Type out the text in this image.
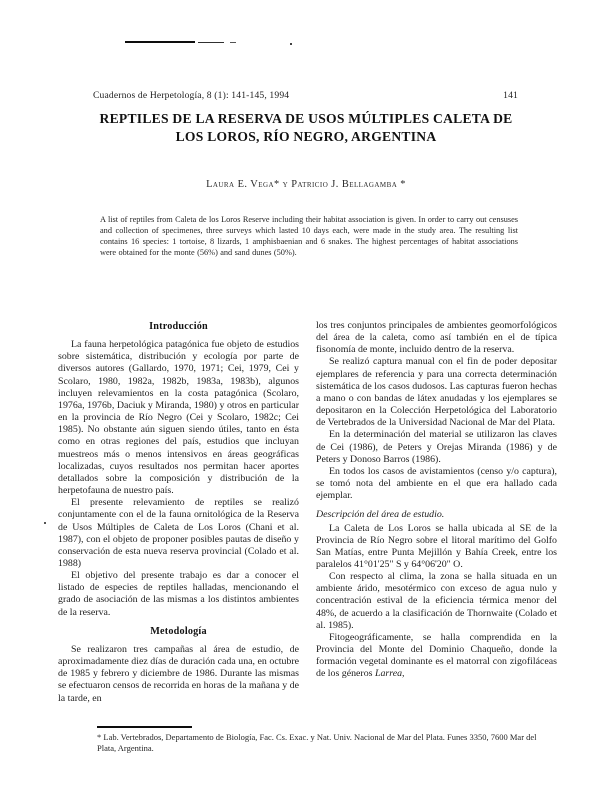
Cuadernos de Herpetología, 8 (1): 141-145, 1994	141
REPTILES DE LA RESERVA DE USOS MÚLTIPLES CALETA DE
LOS LOROS, RÍO NEGRO, ARGENTINA
Laura E. Vega* y Patricio J. Bellagamba *

A list of reptiles from Caleta de los Loros Reserve including their habitat association is given. In order to carry out censuses and collection of specimenes, three surveys which lasted 10 days each, were made in the study area. The resulting list contains 16 species: 1 tortoise, 8 lizards, 1 amphisbaenian and 6 snakes. The highest percentages of habitat associations were obtained for the monte (56%) and sand dunes (50%).

Introducción

La fauna herpetológica patagónica fue objeto de estudios sobre sistemática, distribución y ecología por parte de diversos autores (Gallardo, 1970, 1971; Cei, 1979, Cei y Scolaro, 1980, 1982a, 1982b, 1983a, 1983b), algunos incluyen relevamientos en la costa patagónica (Scolaro, 1976a, 1976b, Daciuk y Miranda, 1980) y otros en particular en la provincia de Río Negro (Cei y Scolaro, 1982c; Cei 1985). No obstante aún siguen siendo útiles, tanto en ésta como en otras regiones del país, estudios que incluyan muestreos más o menos intensivos en áreas geográficas localizadas, cuyos resultados nos permitan hacer aportes detallados sobre la composición y distribución de la herpetofauna de nuestro país.

El presente relevamiento de reptiles se realizó conjuntamente con el de la fauna ornitológica de la Reserva de Usos Múltiples de Caleta de Los Loros (Chani et al. 1987), con el objeto de proponer posibles pautas de diseño y conservación de esta nueva reserva provincial (Colado et al. 1988)

El objetivo del presente trabajo es dar a conocer el listado de especies de reptiles halladas, mencionando el grado de asociación de las mismas a los distintos ambientes de la reserva.

Metodología

Se realizaron tres campañas al área de estudio, de aproximadamente diez días de duración cada una, en octubre de 1985 y febrero y diciembre de 1986. Durante las mismas se efectuaron censos de recorrida en horas de la mañana y de la tarde, en

los tres conjuntos principales de ambientes geomorfológicos del área de la caleta, como así también en el de típica fisonomía de monte, incluido dentro de la reserva.

Se realizó captura manual con el fin de poder depositar ejemplares de referencia y para una correcta determinación sistemática de los casos dudosos. Las capturas fueron hechas a mano o con bandas de látex anudadas y los ejemplares se depositaron en la Colección Herpetológica del Laboratorio de Vertebrados de la Universidad Nacional de Mar del Plata.

En la determinación del material se utilizaron las claves de Cei (1986), de Peters y Orejas Miranda (1986) y de Peters y Donoso Barros (1986).

En todos los casos de avistamientos (censo y/o captura), se tomó nota del ambiente en el que era hallado cada ejemplar.

Descripción del área de estudio.

La Caleta de Los Loros se halla ubicada al SE de la Provincia de Río Negro sobre el litoral marítimo del Golfo San Matías, entre Punta Mejillón y Bahía Creek, entre los paralelos 41°01'25" S y 64°06'20" O.

Con respecto al clima, la zona se halla situada en un ambiente árido, mesotérmico con exceso de agua nulo y concentración estival de la eficiencia térmica menor del 48%, de acuerdo a la clasificación de Thornwaite (Colado et al. 1985).

Fitogeográficamente, se halla comprendida en la Provincia del Monte del Dominio Chaqueño, donde la formación vegetal dominante es el matorral con zigofiláceas de los géneros Larrea,

* Lab. Vertebrados, Departamento de Biología, Fac. Cs. Exac. y Nat. Univ. Nacional de Mar del Plata. Funes 3350, 7600 Mar del Plata, Argentina.
